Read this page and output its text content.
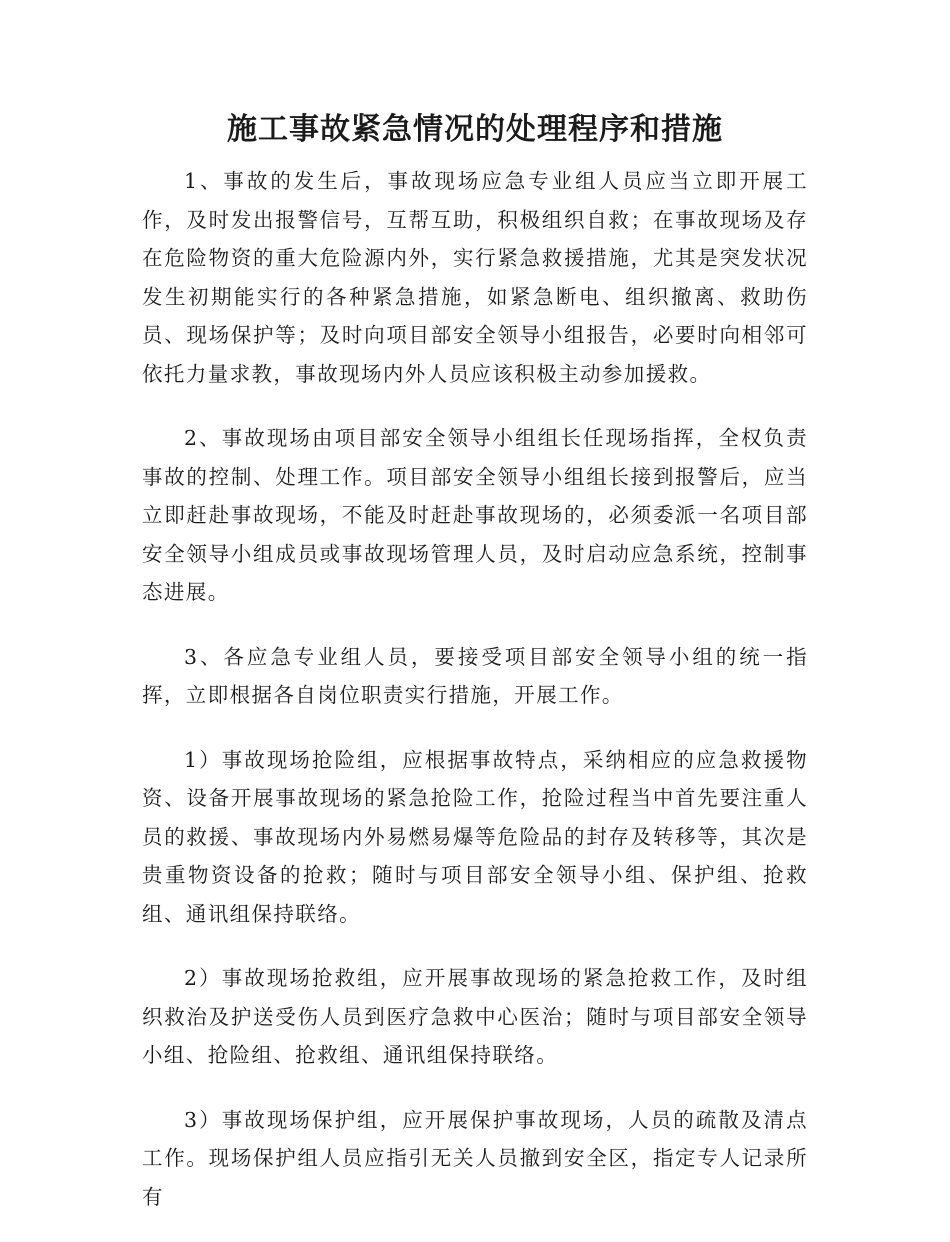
施工事故紧急情况的处理程序和措施

1、事故的发生后，事故现场应急专业组人员应当立即开展工作，及时发出报警信号，互帮互助，积极组织自救；在事故现场及存在危险物资的重大危险源内外，实行紧急救援措施，尤其是突发状况发生初期能实行的各种紧急措施，如紧急断电、组织撤离、救助伤员、现场保护等；及时向项目部安全领导小组报告，必要时向相邻可依托力量求教，事故现场内外人员应该积极主动参加援救。

2、事故现场由项目部安全领导小组组长任现场指挥，全权负责事故的控制、处理工作。项目部安全领导小组组长接到报警后，应当立即赶赴事故现场，不能及时赶赴事故现场的，必须委派一名项目部安全领导小组成员或事故现场管理人员，及时启动应急系统，控制事态进展。

3、各应急专业组人员，要接受项目部安全领导小组的统一指挥，立即根据各自岗位职责实行措施，开展工作。

1）事故现场抢险组，应根据事故特点，采纳相应的应急救援物资、设备开展事故现场的紧急抢险工作，抢险过程当中首先要注重人员的救援、事故现场内外易燃易爆等危险品的封存及转移等，其次是贵重物资设备的抢救；随时与项目部安全领导小组、保护组、抢救组、通讯组保持联络。

2）事故现场抢救组，应开展事故现场的紧急抢救工作，及时组织救治及护送受伤人员到医疗急救中心医治；随时与项目部安全领导小组、抢险组、抢救组、通讯组保持联络。

3）事故现场保护组，应开展保护事故现场，人员的疏散及清点工作。现场保护组人员应指引无关人员撤到安全区，指定专人记录所有
